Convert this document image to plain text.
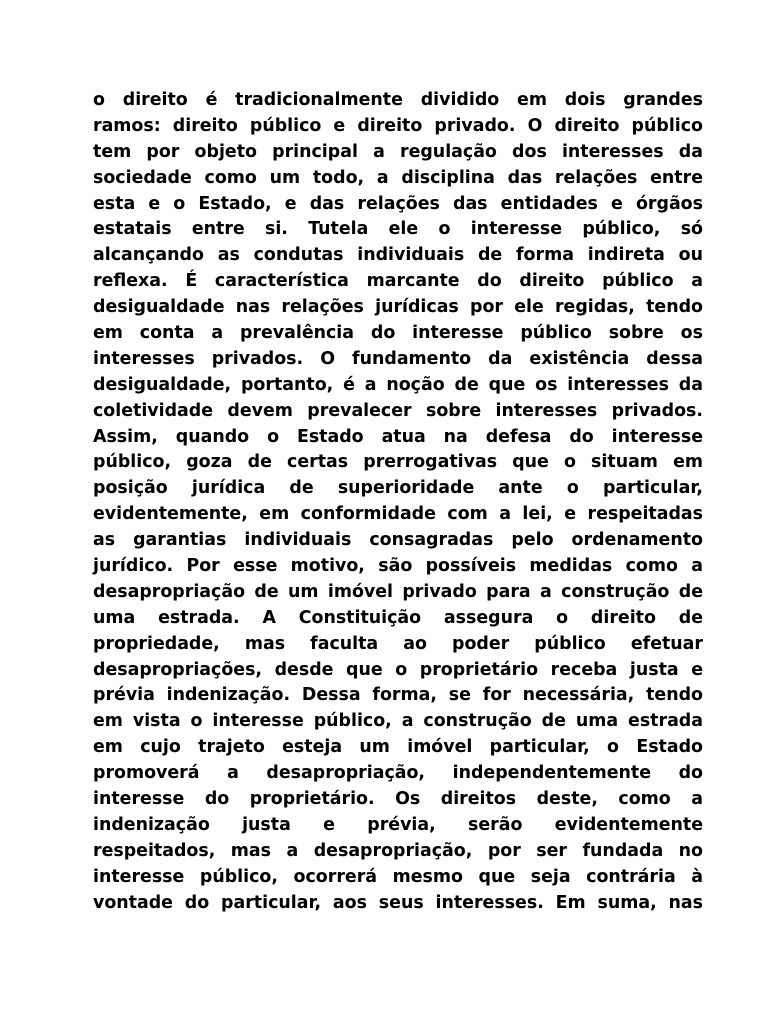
o direito é tradicionalmente dividido em dois grandes
ramos: direito público e direito privado. O direito público
tem por objeto principal a regulação dos interesses da
sociedade como um todo, a disciplina das relações entre
esta e o Estado, e das relações das entidades e órgãos
estatais entre si. Tutela ele o interesse público, só
alcançando as condutas individuais de forma indireta ou
reflexa. É característica marcante do direito público a
desigualdade nas relações jurídicas por ele regidas, tendo
em conta a prevalência do interesse público sobre os
interesses privados. O fundamento da existência dessa
desigualdade, portanto, é a noção de que os interesses da
coletividade devem prevalecer sobre interesses privados.
Assim, quando o Estado atua na defesa do interesse
público, goza de certas prerrogativas que o situam em
posição jurídica de superioridade ante o particular,
evidentemente, em conformidade com a lei, e respeitadas
as garantias individuais consagradas pelo ordenamento
jurídico. Por esse motivo, são possíveis medidas como a
desapropriação de um imóvel privado para a construção de
uma estrada. A Constituição assegura o direito de
propriedade, mas faculta ao poder público efetuar
desapropriações, desde que o proprietário receba justa e
prévia indenização. Dessa forma, se for necessária, tendo
em vista o interesse público, a construção de uma estrada
em cujo trajeto esteja um imóvel particular, o Estado
promoverá a desapropriação, independentemente do
interesse do proprietário. Os direitos deste, como a
indenização justa e prévia, serão evidentemente
respeitados, mas a desapropriação, por ser fundada no
interesse público, ocorrerá mesmo que seja contrária à
vontade do particular, aos seus interesses. Em suma, nas
